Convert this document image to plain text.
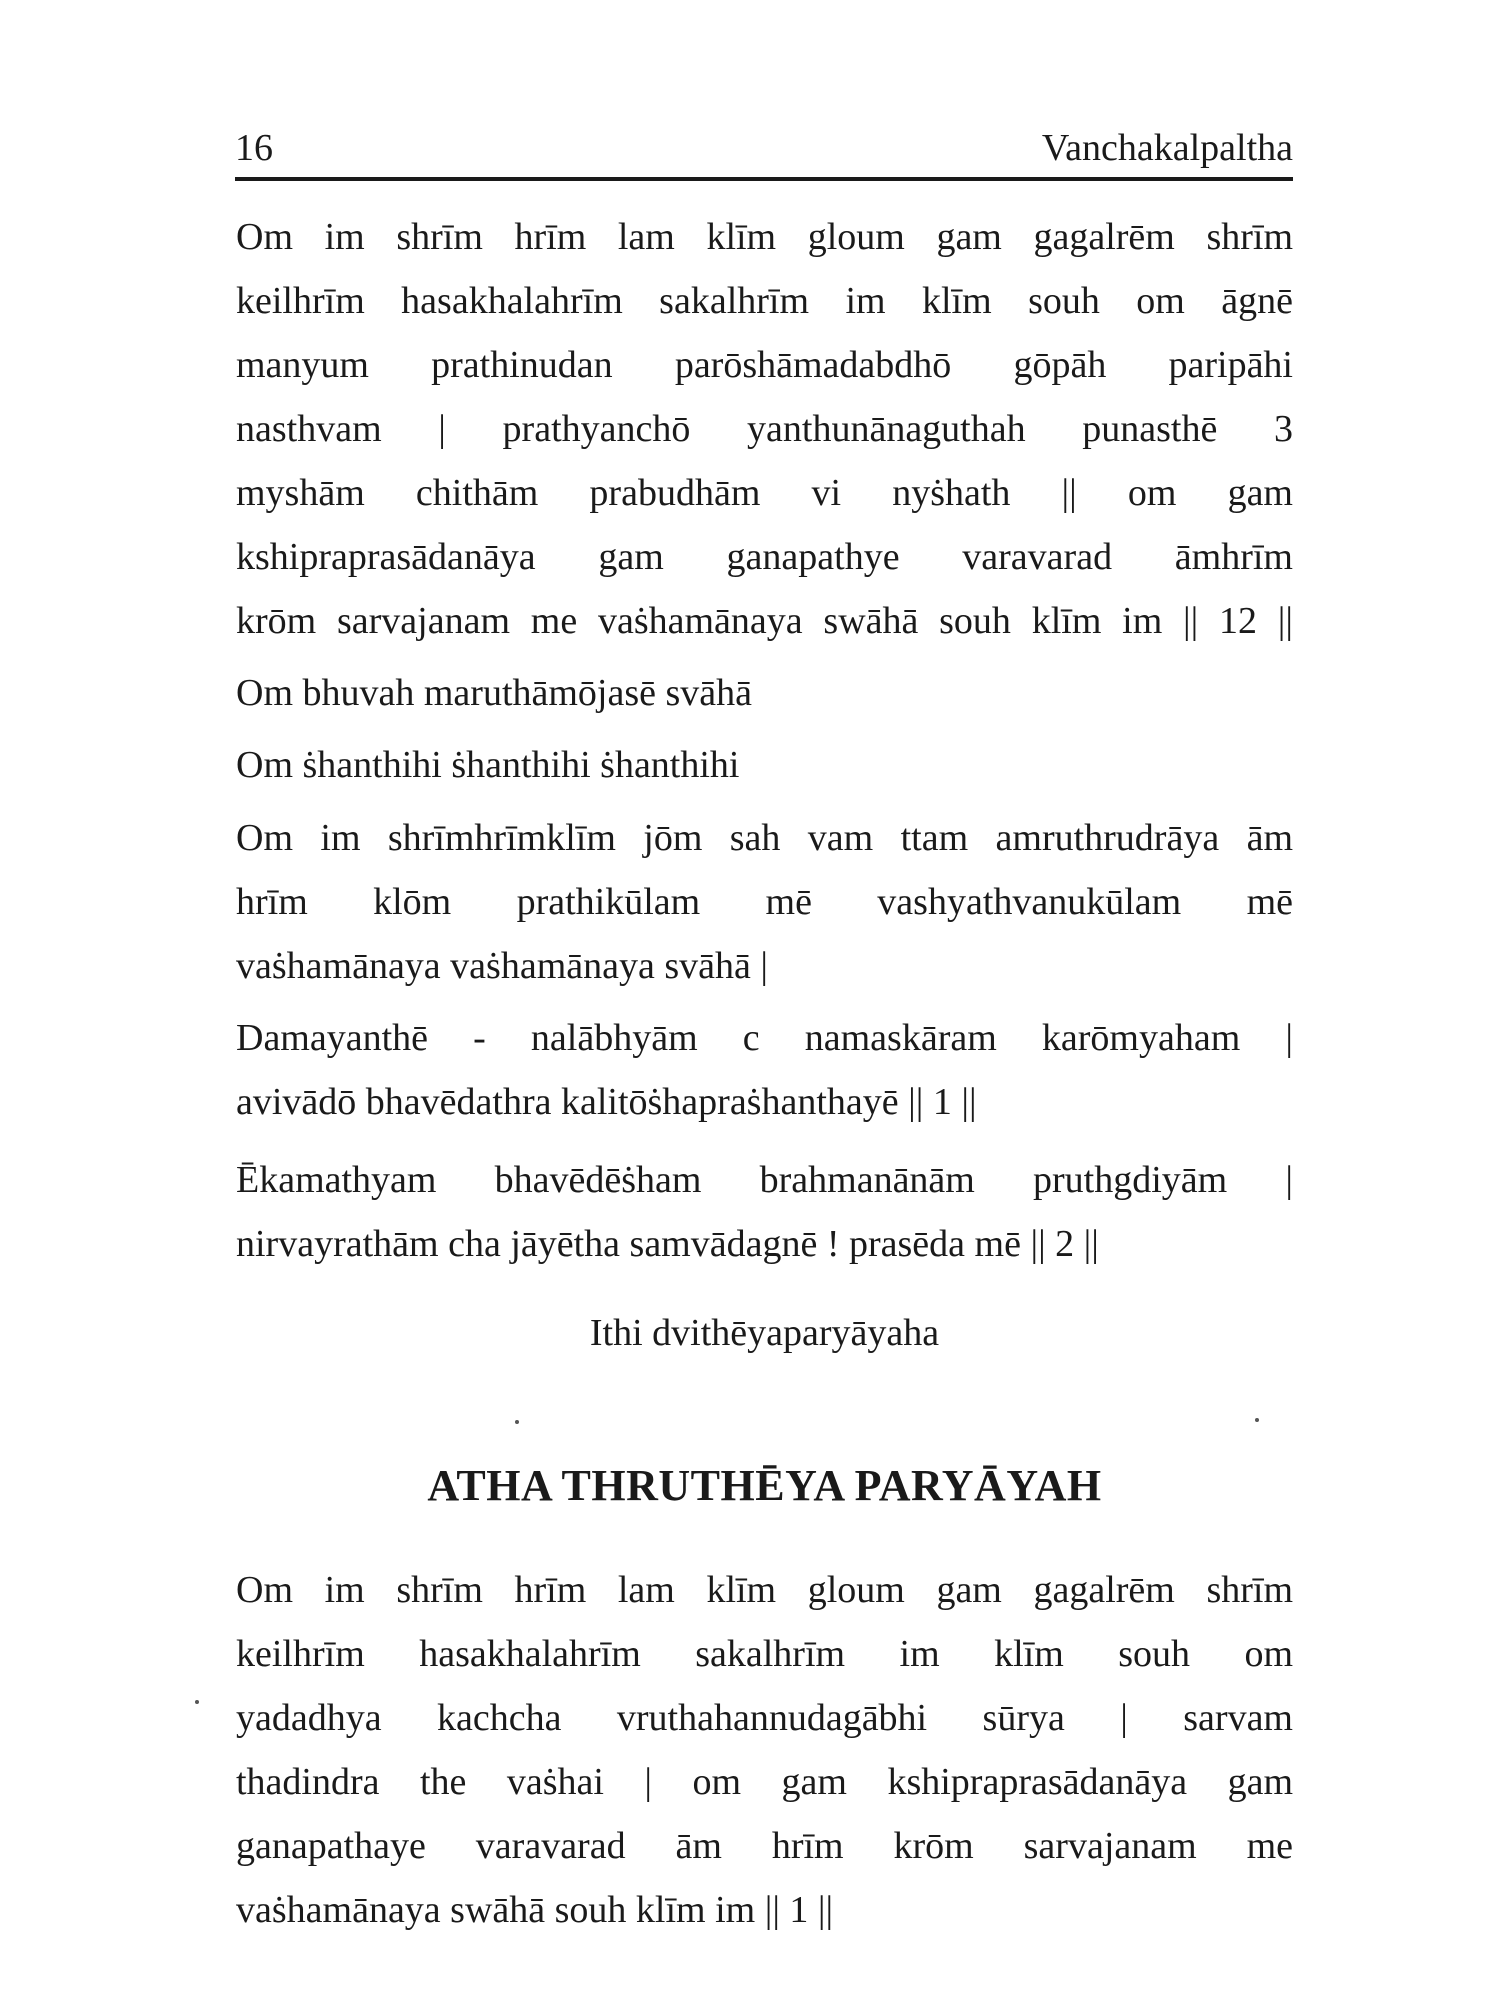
16	Vanchakalpaltha
Om im shrīm hrīm lam klīm gloum gam gagalrēm shrīm
keilhrīm hasakhalahrīm sakalhrīm im klīm souh om āgnē
manyum prathinudan parōshāmadabdhō gōpāh paripāhi
nasthvam | prathyanchō yanthunānaguthah punasthē 3
myshām chithām prabudhām vi nyṡhath || om gam
kshipraprasādanāya gam ganapathye varavarad āmhrīm
krōm sarvajanam me vaṡhamānaya swāhā souh klīm im || 12 ||
Om bhuvah maruthāmōjasē svāhā
Om ṡhanthihi ṡhanthihi ṡhanthihi
Om im shrīmhrīmklīm jōm sah vam ttam amruthrudrāya ām
hrīm klōm prathikūlam mē vashyathvanukūlam mē
vaṡhamānaya vaṡhamānaya svāhā |
Damayanthē - nalābhyām c namaskāram karōmyaham |
avivādō bhavēdathra kalitōṡhapraṡhanthayē || 1 ||
Ēkamathyam bhavēdēṡham brahmanānām pruthgdiyām |
nirvayrathām cha jāyētha samvādagnē ! prasēda mē || 2 ||
Ithi dvithēyaparyāyaha
ATHA THRUTHĒYA PARYĀYAH
Om im shrīm hrīm lam klīm gloum gam gagalrēm shrīm
keilhrīm hasakhalahrīm sakalhrīm im klīm souh om
yadadhya kachcha vruthahannudagābhi sūrya | sarvam
thadindra the vaṡhai | om gam kshipraprasādanāya gam
ganapathaye varavarad ām hrīm krōm sarvajanam me
vaṡhamānaya swāhā souh klīm im || 1 ||
